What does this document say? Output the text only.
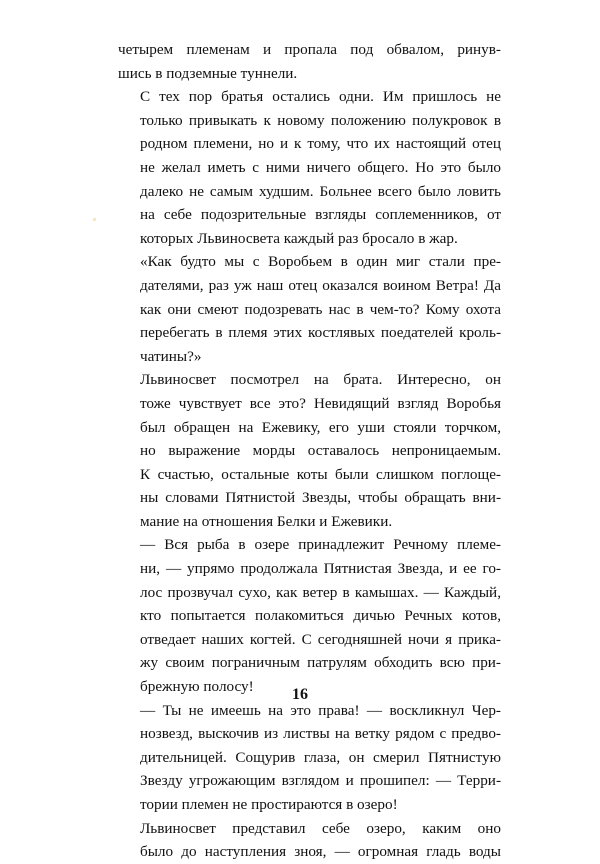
четырем племенам и пропала под обвалом, ринув-
шись в подземные туннели.

С тех пор братья остались одни. Им пришлось не
только привыкать к новому положению полукровок в
родном племени, но и к тому, что их настоящий отец
не желал иметь с ними ничего общего. Но это было
далеко не самым худшим. Больнее всего было ловить
на себе подозрительные взгляды соплеменников, от
которых Львиносвета каждый раз бросало в жар.

«Как будто мы с Воробьем в один миг стали пре-
дателями, раз уж наш отец оказался воином Ветра! Да
как они смеют подозревать нас в чем-то? Кому охота
перебегать в племя этих костлявых поедателей кроль-
чатины?»

Львиносвет посмотрел на брата. Интересно, он
тоже чувствует все это? Невидящий взгляд Воробья
был обращен на Ежевику, его уши стояли торчком,
но выражение морды оставалось непроницаемым.
К счастью, остальные коты были слишком поглоще-
ны словами Пятнистой Звезды, чтобы обращать вни-
мание на отношения Белки и Ежевики.

— Вся рыба в озере принадлежит Речному племе-
ни, — упрямо продолжала Пятнистая Звезда, и ее го-
лос прозвучал сухо, как ветер в камышах. — Каждый,
кто попытается полакомиться дичью Речных котов,
отведает наших когтей. С сегодняшней ночи я прика-
жу своим пограничным патрулям обходить всю при-
брежную полосу!

— Ты не имеешь на это права! — воскликнул Чер-
нозвезд, выскочив из листвы на ветку рядом с предво-
дительницей. Сощурив глаза, он смерил Пятнистую
Звезду угрожающим взглядом и прошипел: — Терри-
тории племен не простираются в озеро!

Львиносвет представил себе озеро, каким оно
было до наступления зноя, — огромная гладь воды

16
